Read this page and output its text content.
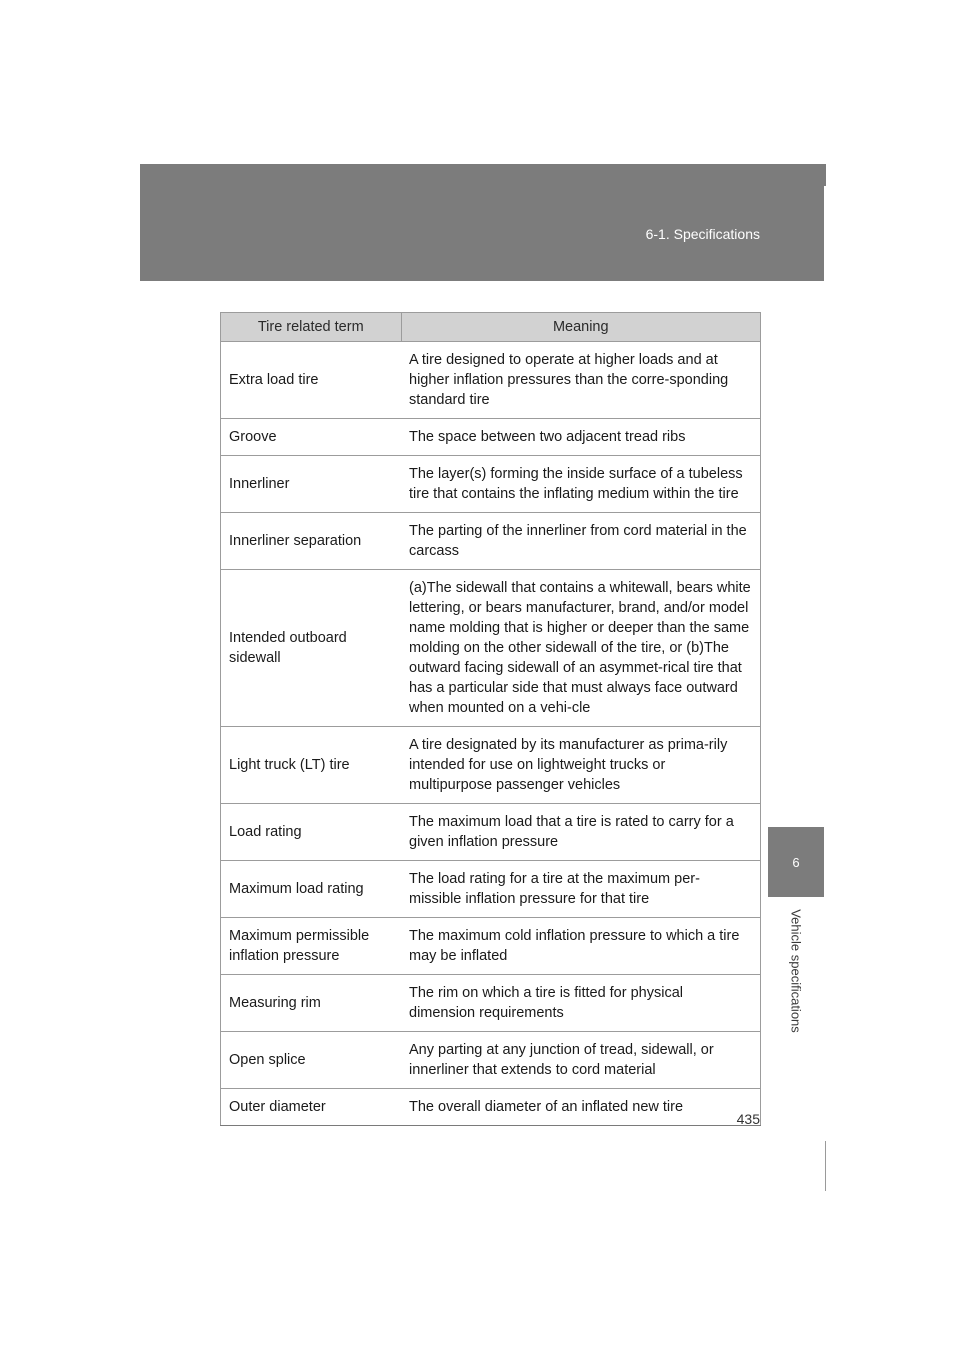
6-1. Specifications
6
Vehicle specifications
Tire related term	Meaning
Extra load tire	A tire designed to operate at higher loads and at higher inflation pressures than the corre-sponding standard tire
Groove	The space between two adjacent tread ribs
Innerliner	The layer(s) forming the inside surface of a tubeless tire that contains the inflating medium within the tire
Innerliner separation	The parting of the innerliner from cord material in the carcass
Intended outboard sidewall	(a)The sidewall that contains a whitewall, bears white lettering, or bears manufacturer, brand, and/or model name molding that is higher or deeper than the same molding on the other sidewall of the tire, or (b)The outward facing sidewall of an asymmet-rical tire that has a particular side that must always face outward when mounted on a vehi-cle
Light truck (LT) tire	A tire designated by its manufacturer as prima-rily intended for use on lightweight trucks or multipurpose passenger vehicles
Load rating	The maximum load that a tire is rated to carry for a given inflation pressure
Maximum load rating	The load rating for a tire at the maximum per-missible inflation pressure for that tire
Maximum permissible inflation pressure	The maximum cold inflation pressure to which a tire may be inflated
Measuring rim	The rim on which a tire is fitted for physical dimension requirements
Open splice	Any parting at any junction of tread, sidewall, or innerliner that extends to cord material
Outer diameter	The overall diameter of an inflated new tire
435
